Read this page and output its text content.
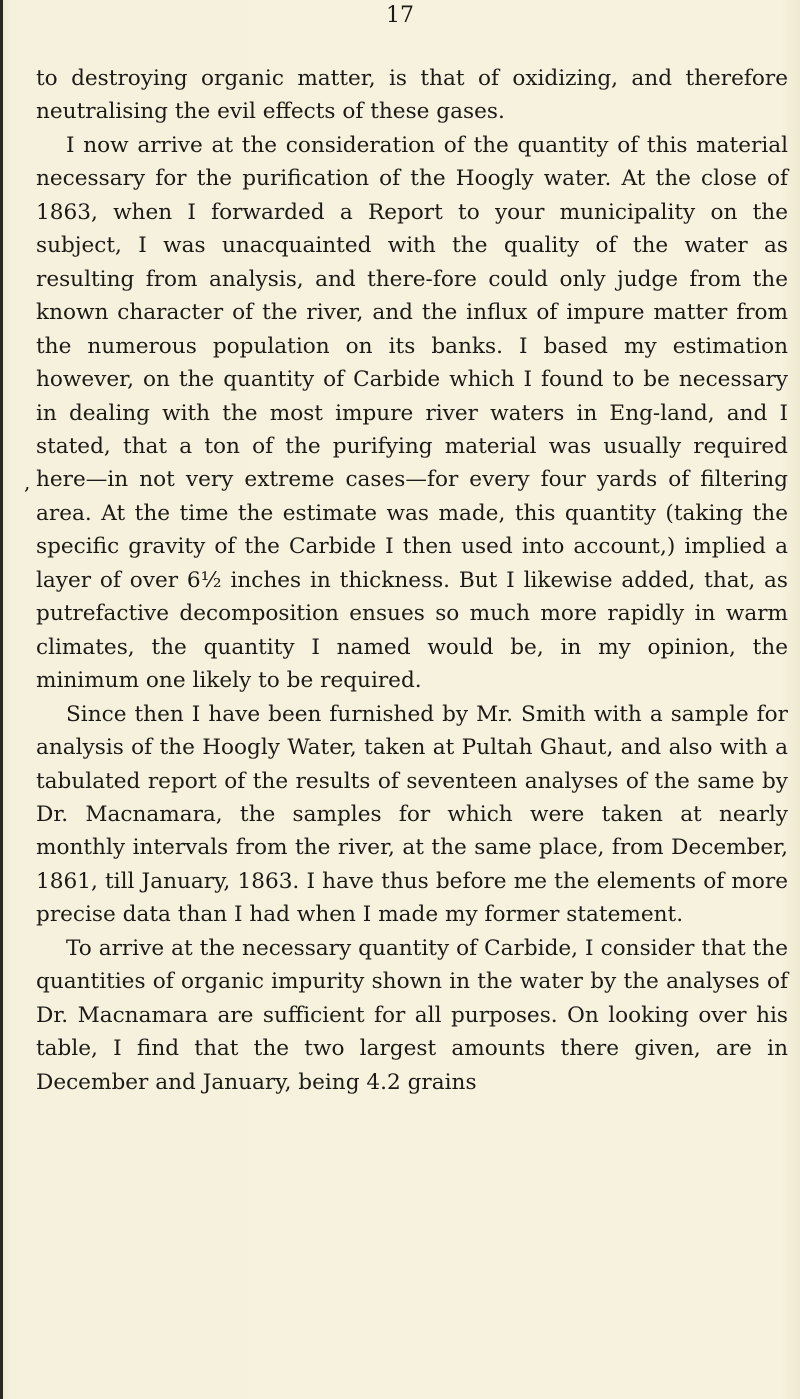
17
,

to destroying organic matter, is that of oxidizing, and therefore neutralising the evil effects of these gases.

I now arrive at the consideration of the quantity of this material necessary for the purification of the Hoogly water. At the close of 1863, when I forwarded a Report to your municipality on the subject, I was unacquainted with the quality of the water as resulting from analysis, and there-fore could only judge from the known character of the river, and the influx of impure matter from the numerous population on its banks. I based my estimation however, on the quantity of Carbide which I found to be necessary in dealing with the most impure river waters in Eng-land, and I stated, that a ton of the purifying material was usually required here—in not very extreme cases—for every four yards of filtering area. At the time the estimate was made, this quantity (taking the specific gravity of the Carbide I then used into account,) implied a layer of over 6½ inches in thickness. But I likewise added, that, as putrefactive decomposition ensues so much more rapidly in warm climates, the quantity I named would be, in my opinion, the minimum one likely to be required.

Since then I have been furnished by Mr. Smith with a sample for analysis of the Hoogly Water, taken at Pultah Ghaut, and also with a tabulated report of the results of seventeen analyses of the same by Dr. Macnamara, the samples for which were taken at nearly monthly intervals from the river, at the same place, from December, 1861, till January, 1863. I have thus before me the elements of more precise data than I had when I made my former statement.

To arrive at the necessary quantity of Carbide, I consider that the quantities of organic impurity shown in the water by the analyses of Dr. Macnamara are sufficient for all purposes. On looking over his table, I find that the two largest amounts there given, are in December and January, being 4.2 grains
